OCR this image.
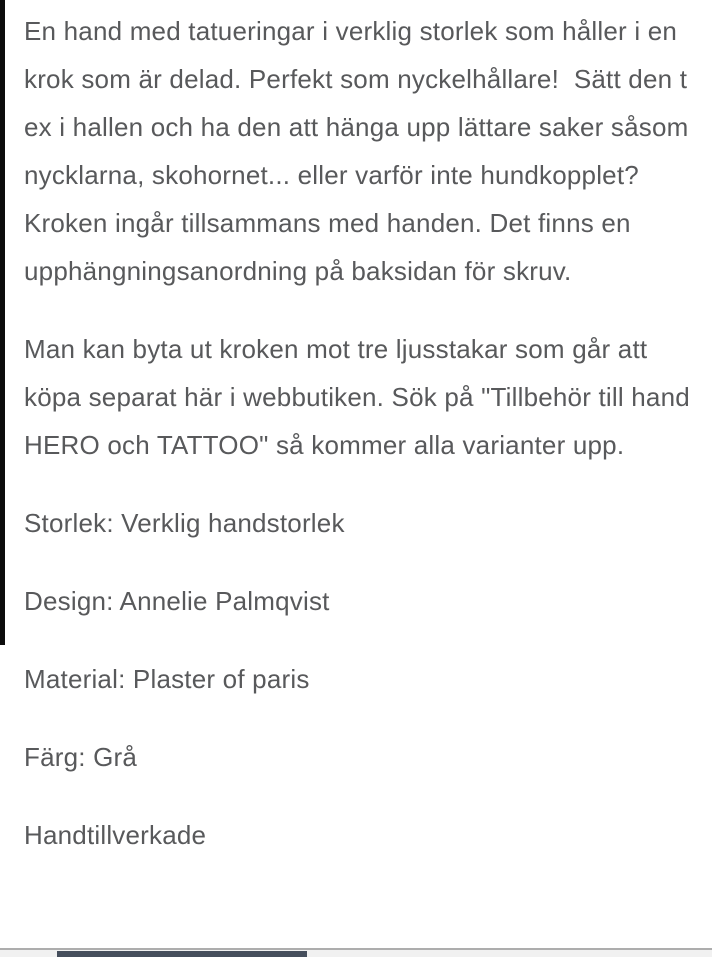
En hand med tatueringar i verklig storlek som håller i en krok som är delad. Perfekt som nyckelhållare!  Sätt den t ex i hallen och ha den att hänga upp lättare saker såsom nycklarna, skohornet... eller varför inte hundkopplet? Kroken ingår tillsammans med handen. Det finns en upphängningsanordning på baksidan för skruv.

Man kan byta ut kroken mot tre ljusstakar som går att köpa separat här i webbutiken. Sök på "Tillbehör till hand HERO och TATTOO" så kommer alla varianter upp.

Storlek: Verklig handstorlek

Design: Annelie Palmqvist

Material: Plaster of paris

Färg: Grå

Handtillverkade
